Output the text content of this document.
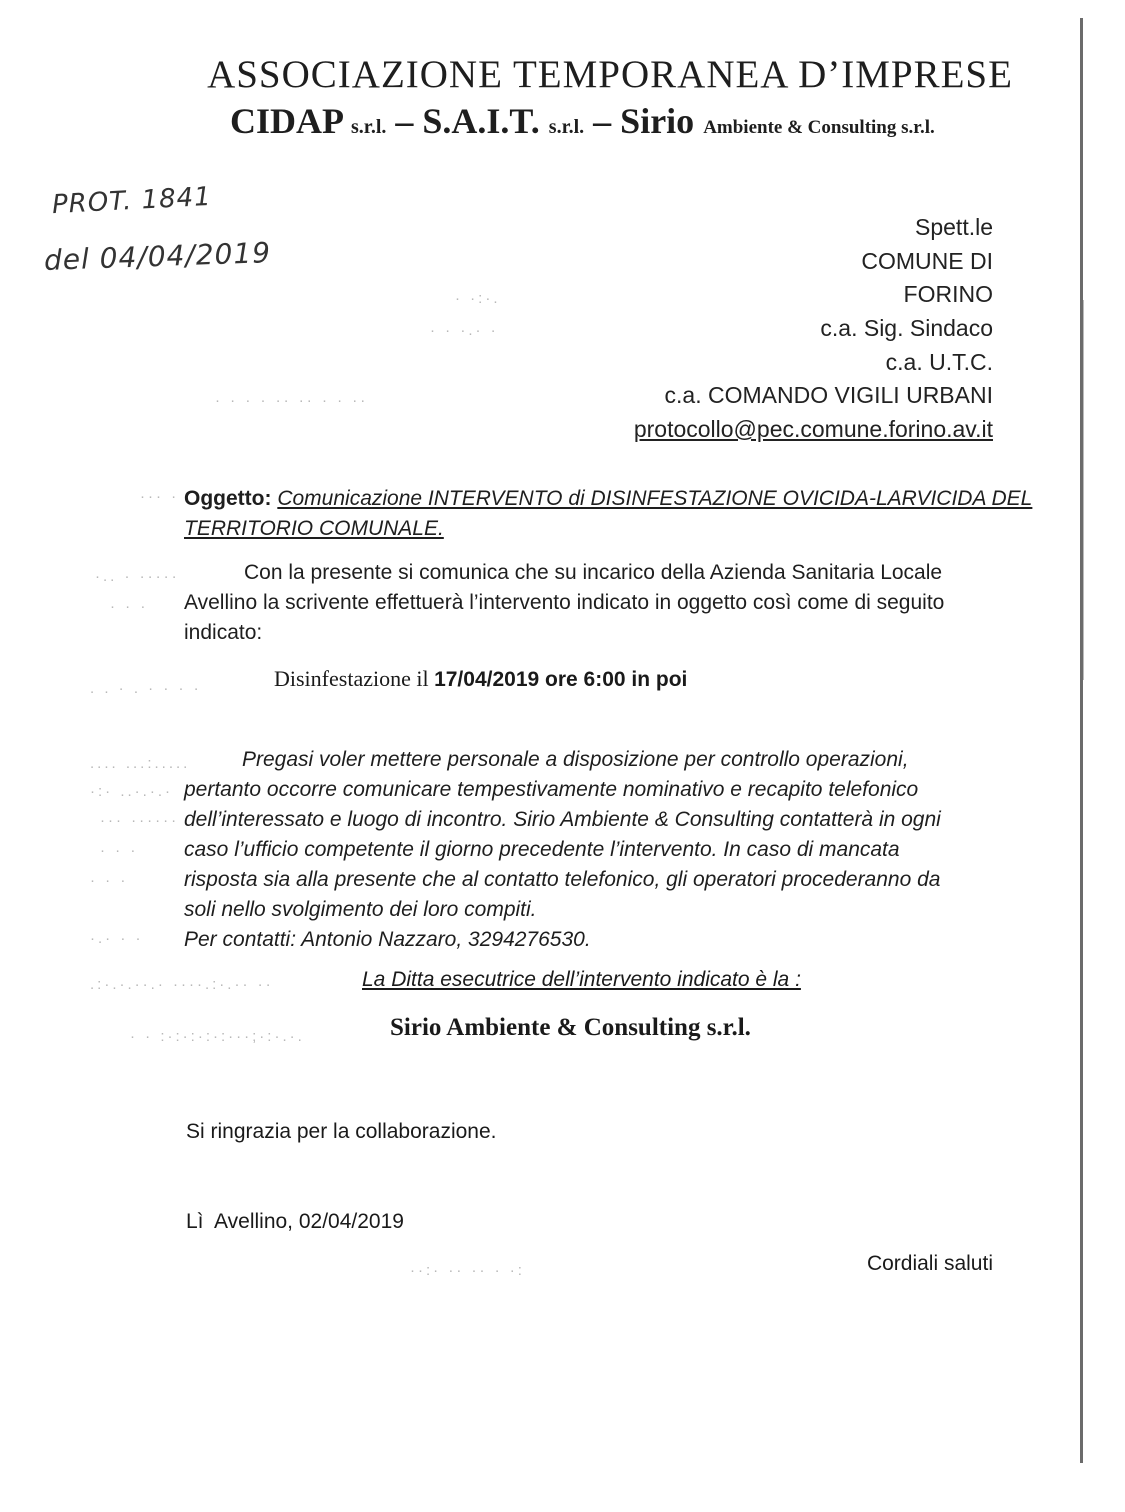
ASSOCIAZIONE TEMPORANEA D’IMPRESE
CIDAP s.r.l. – S.A.I.T. s.r.l. – Sirio Ambiente & Consulting s.r.l.
PROT. 1841
del 04/04/2019
Spett.le
COMUNE DI
FORINO
c.a. Sig. Sindaco
c.a. U.T.C.
c.a. COMANDO VIGILI URBANI
protocollo@pec.comune.forino.av.it
· ·:·.
· · ·.· ·
· · · · ·· ·· · · ··
··· ·
·.. · ·····
· · ·
. . · . · · · ·
.... ...:.....
·:· ..·.·.·
··· ······
· · ·
· · ·
·.· · ·
.:·.·.··.· ····.:·.·· ··
· · :·:·:·:·:···;·:·.·.
··:· ·· ·· · ·:
Oggetto: Comunicazione INTERVENTO di DISINFESTAZIONE OVICIDA-LARVICIDA DEL
TERRITORIO COMUNALE.
Con la presente si comunica che su incarico della Azienda Sanitaria Locale
Avellino la scrivente effettuerà l’intervento indicato in oggetto così come di seguito
indicato:
Disinfestazione il 17/04/2019 ore 6:00 in poi
Pregasi voler mettere personale a disposizione per controllo operazioni,
pertanto occorre comunicare tempestivamente nominativo e recapito telefonico
dell’interessato e luogo di incontro. Sirio Ambiente & Consulting contatterà in ogni
caso l’ufficio competente il giorno precedente l’intervento. In caso di mancata
risposta sia alla presente che al contatto telefonico, gli operatori procederanno da
soli nello svolgimento dei loro compiti.
Per contatti: Antonio Nazzaro, 3294276530.
La Ditta esecutrice dell’intervento indicato è la :
Sirio Ambiente & Consulting s.r.l.
Si ringrazia per la collaborazione.
Lì  Avellino, 02/04/2019
Cordiali saluti
